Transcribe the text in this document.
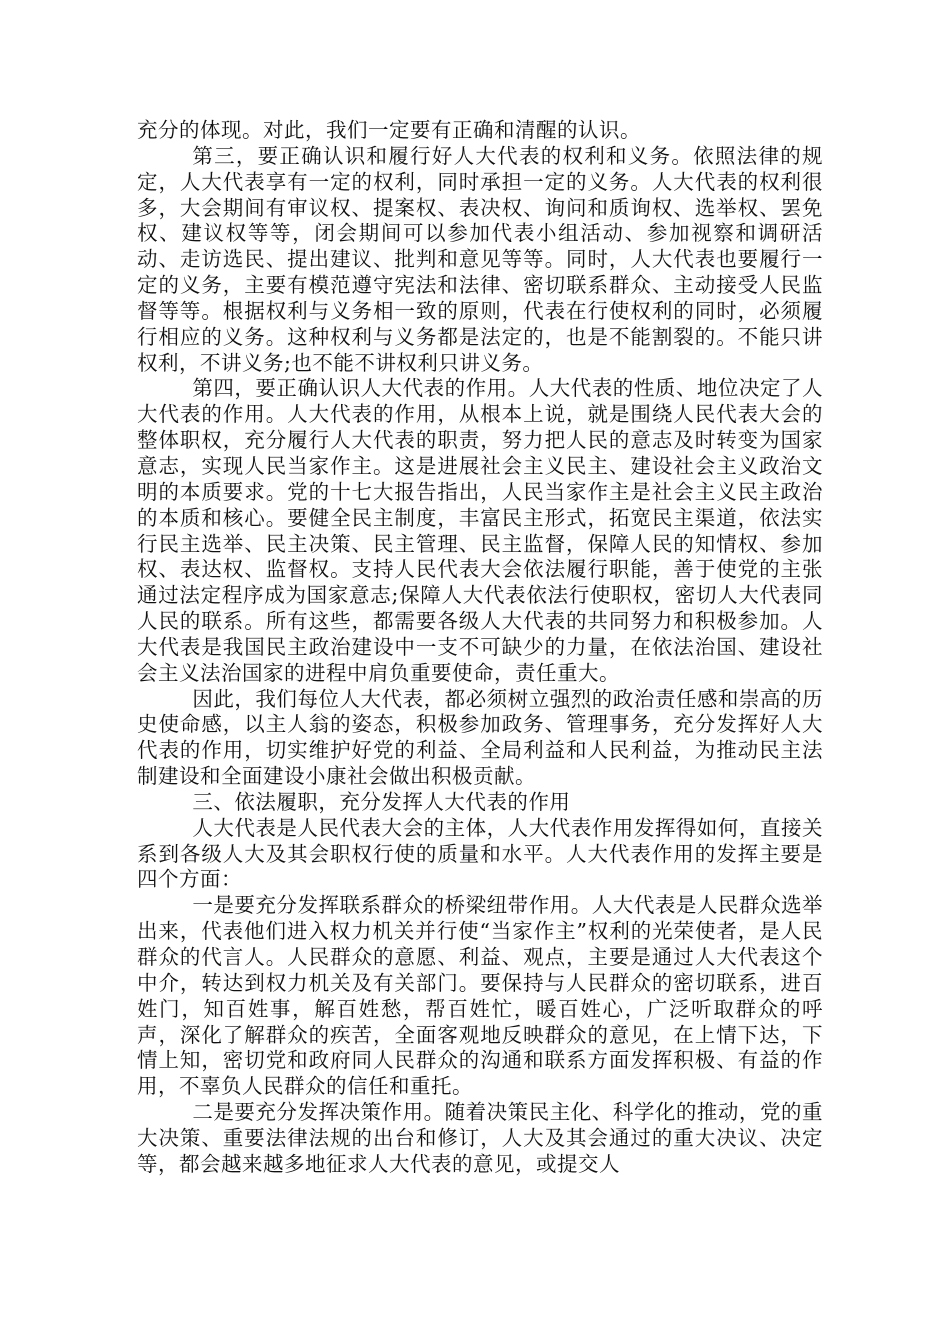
充分的体现。对此，我们一定要有正确和清醒的认识。

第三，要正确认识和履行好人大代表的权利和义务。依照法律的规定，人大代表享有一定的权利，同时承担一定的义务。人大代表的权利很多，大会期间有审议权、提案权、表决权、询问和质询权、选举权、罢免权、建议权等等，闭会期间可以参加代表小组活动、参加视察和调研活动、走访选民、提出建议、批判和意见等等。同时，人大代表也要履行一定的义务，主要有模范遵守宪法和法律、密切联系群众、主动接受人民监督等等。根据权利与义务相一致的原则，代表在行使权利的同时，必须履行相应的义务。这种权利与义务都是法定的，也是不能割裂的。不能只讲权利，不讲义务;也不能不讲权利只讲义务。

第四，要正确认识人大代表的作用。人大代表的性质、地位决定了人大代表的作用。人大代表的作用，从根本上说，就是围绕人民代表大会的整体职权，充分履行人大代表的职责，努力把人民的意志及时转变为国家意志，实现人民当家作主。这是进展社会主义民主、建设社会主义政治文明的本质要求。党的十七大报告指出，人民当家作主是社会主义民主政治的本质和核心。要健全民主制度，丰富民主形式，拓宽民主渠道，依法实行民主选举、民主决策、民主管理、民主监督，保障人民的知情权、参加权、表达权、监督权。支持人民代表大会依法履行职能，善于使党的主张通过法定程序成为国家意志;保障人大代表依法行使职权，密切人大代表同人民的联系。所有这些，都需要各级人大代表的共同努力和积极参加。人大代表是我国民主政治建设中一支不可缺少的力量，在依法治国、建设社会主义法治国家的进程中肩负重要使命，责任重大。

因此，我们每位人大代表，都必须树立强烈的政治责任感和崇高的历史使命感，以主人翁的姿态，积极参加政务、管理事务，充分发挥好人大代表的作用，切实维护好党的利益、全局利益和人民利益，为推动民主法制建设和全面建设小康社会做出积极贡献。

三、依法履职，充分发挥人大代表的作用

人大代表是人民代表大会的主体，人大代表作用发挥得如何，直接关系到各级人大及其会职权行使的质量和水平。人大代表作用的发挥主要是四个方面：

一是要充分发挥联系群众的桥梁纽带作用。人大代表是人民群众选举出来，代表他们进入权力机关并行使“当家作主”权利的光荣使者，是人民群众的代言人。人民群众的意愿、利益、观点，主要是通过人大代表这个中介，转达到权力机关及有关部门。要保持与人民群众的密切联系，进百姓门，知百姓事，解百姓愁，帮百姓忙，暖百姓心，广泛听取群众的呼声，深化了解群众的疾苦，全面客观地反映群众的意见，在上情下达，下情上知，密切党和政府同人民群众的沟通和联系方面发挥积极、有益的作用，不辜负人民群众的信任和重托。

二是要充分发挥决策作用。随着决策民主化、科学化的推动，党的重大决策、重要法律法规的出台和修订，人大及其会通过的重大决议、决定等，都会越来越多地征求人大代表的意见，或提交人
